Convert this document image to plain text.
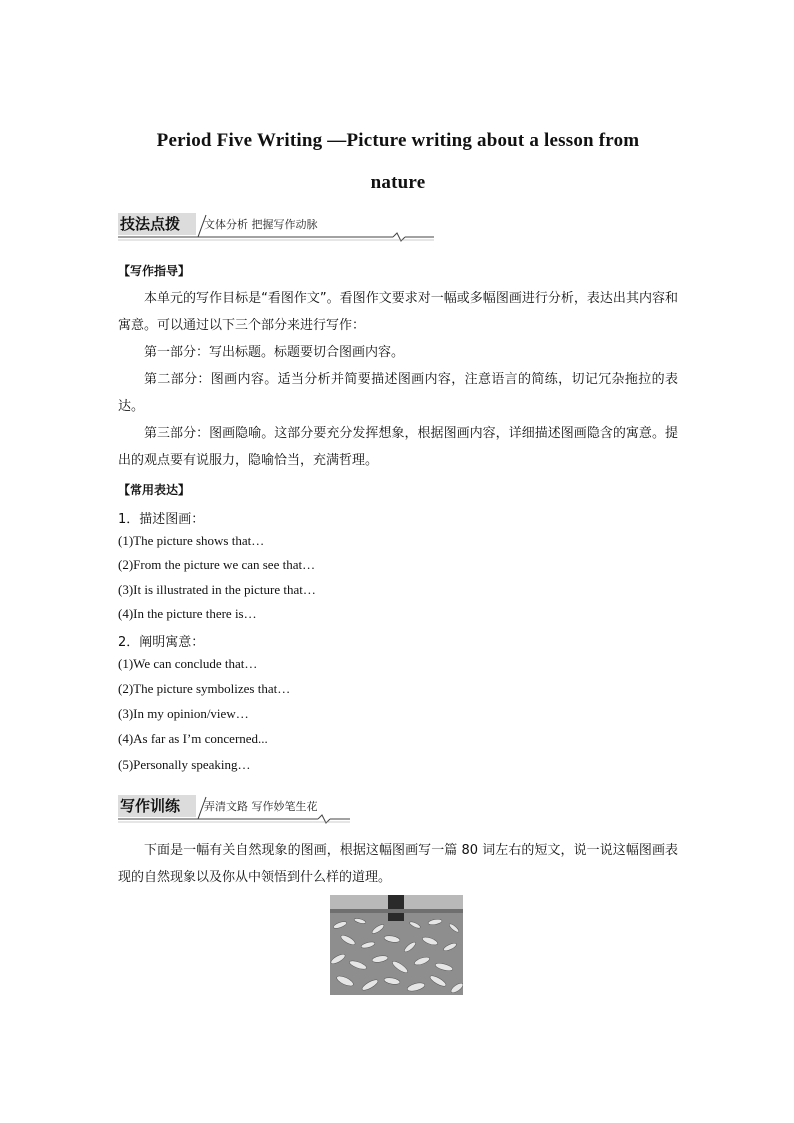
Period Five Writing —Picture writing about a lesson from
nature
技法点拨 文体分析 把握写作动脉
【写作指导】
本单元的写作目标是“看图作文”。看图作文要求对一幅或多幅图画进行分析，表达出其内容和寓意。可以通过以下三个部分来进行写作：
第一部分：写出标题。标题要切合图画内容。
第二部分：图画内容。适当分析并简要描述图画内容，注意语言的简练，切记冗杂拖拉的表达。
第三部分：图画隐喻。这部分要充分发挥想象，根据图画内容，详细描述图画隐含的寓意。提出的观点要有说服力，隐喻恰当，充满哲理。
【常用表达】
1．描述图画：
(1)The picture shows that…
(2)From the picture we can see that…
(3)It is illustrated in the picture that…
(4)In the picture there is…
2．阐明寓意：
(1)We can conclude that…
(2)The picture symbolizes that…
(3)In my opinion/view…
(4)As far as I’m concerned...
(5)Personally speaking…
写作训练 弄清文路 写作妙笔生花
下面是一幅有关自然现象的图画，根据这幅图画写一篇 80 词左右的短文，说一说这幅图画表现的自然现象以及你从中领悟到什么样的道理。
